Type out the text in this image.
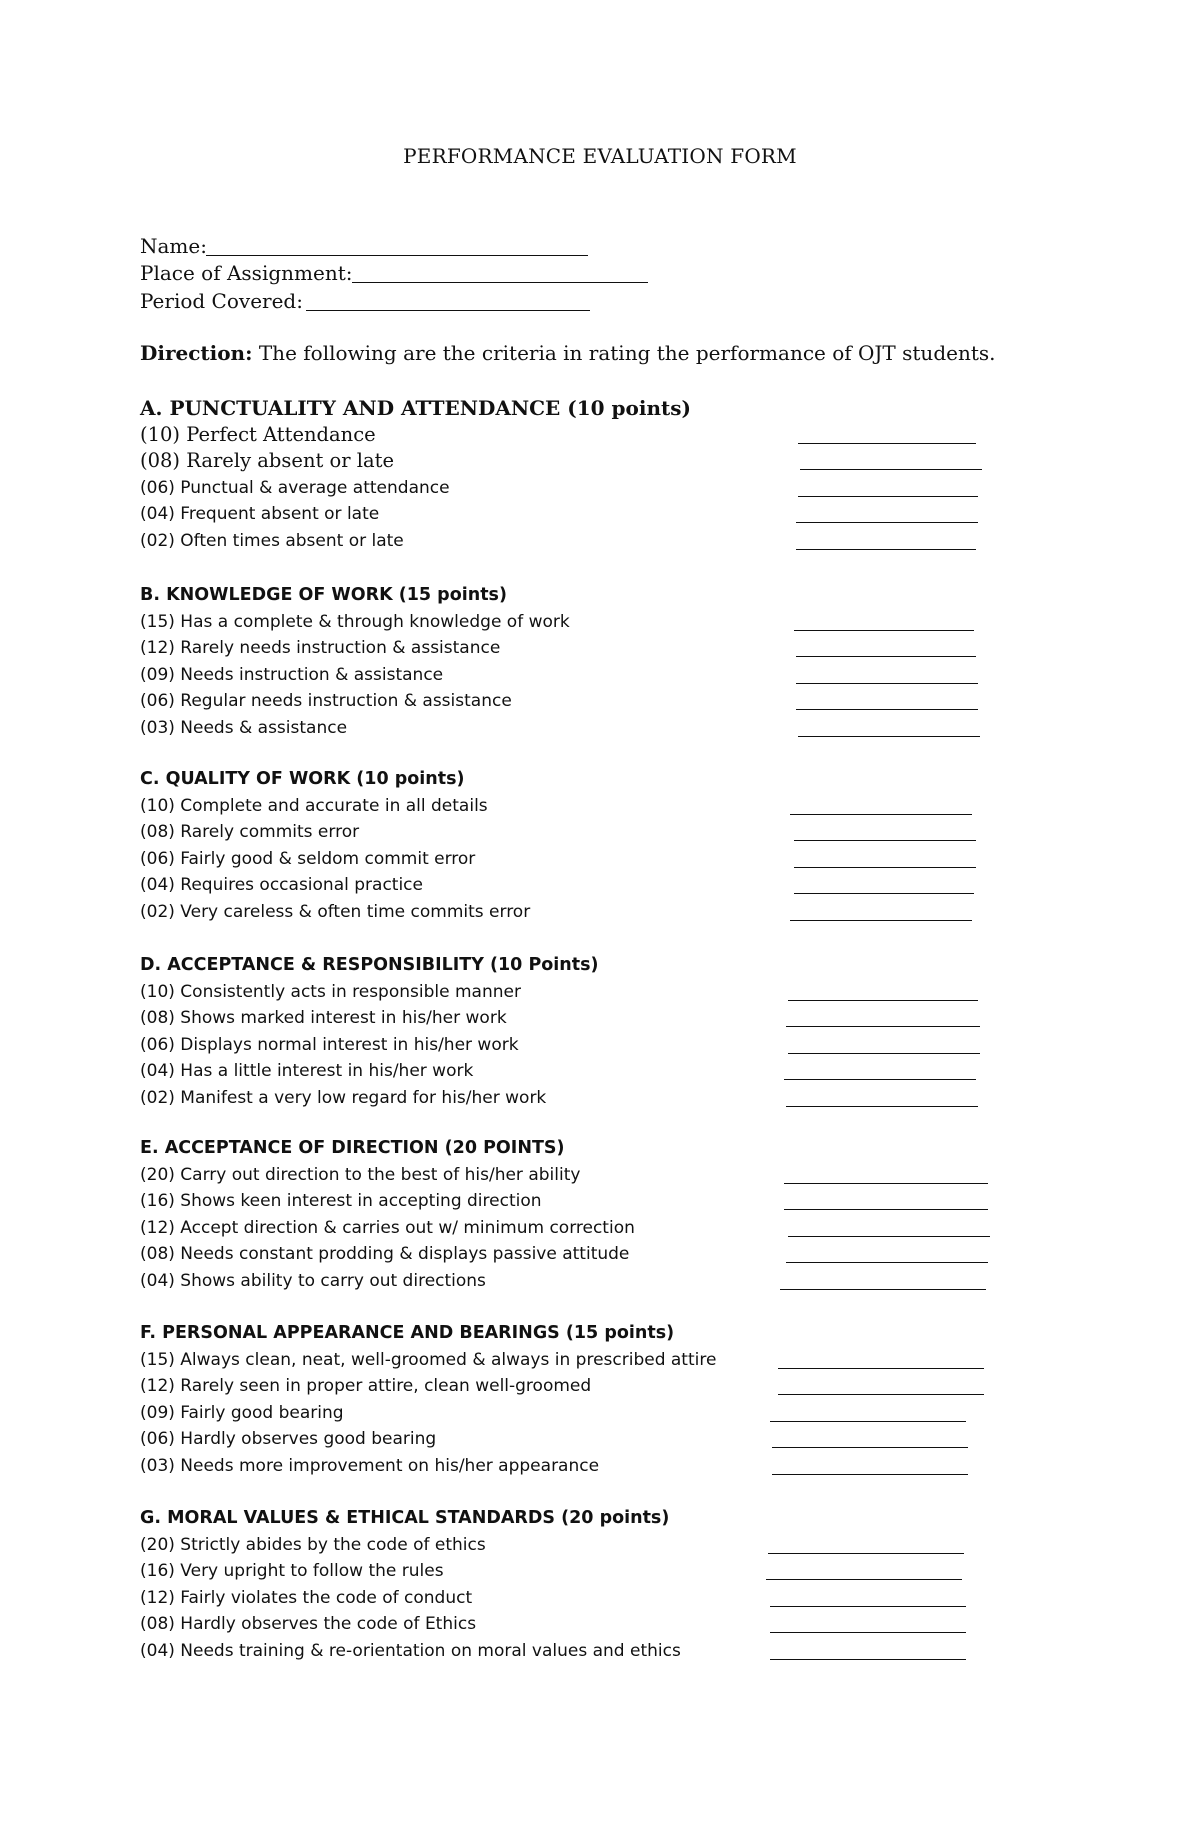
PERFORMANCE EVALUATION FORM
Name:
Place of Assignment:
Period Covered:
Direction: The following are the criteria in rating the performance of OJT students.
A. PUNCTUALITY AND ATTENDANCE (10 points)
(10) Perfect Attendance
(08) Rarely absent or late
(06) Punctual & average attendance
(04) Frequent absent or late
(02) Often times absent or late
B. KNOWLEDGE OF WORK (15 points)
(15) Has a complete & through knowledge of work
(12) Rarely needs instruction & assistance
(09) Needs instruction & assistance
(06) Regular needs instruction & assistance
(03) Needs & assistance
C. QUALITY OF WORK (10 points)
(10) Complete and accurate in all details
(08) Rarely commits error
(06) Fairly good & seldom commit error
(04) Requires occasional practice
(02) Very careless & often time commits error
D. ACCEPTANCE & RESPONSIBILITY (10 Points)
(10) Consistently acts in responsible manner
(08) Shows marked interest in his/her work
(06) Displays normal interest in his/her work
(04) Has a little interest in his/her work
(02) Manifest a very low regard for his/her work
E. ACCEPTANCE OF DIRECTION (20 POINTS)
(20) Carry out direction to the best of his/her ability
(16) Shows keen interest in accepting direction
(12) Accept direction & carries out w/ minimum correction
(08) Needs constant prodding & displays passive attitude
(04) Shows ability to carry out directions
F. PERSONAL APPEARANCE AND BEARINGS (15 points)
(15) Always clean, neat, well-groomed & always in prescribed attire
(12) Rarely seen in proper attire, clean well-groomed
(09) Fairly good bearing
(06) Hardly observes good bearing
(03) Needs more improvement on his/her appearance
G. MORAL VALUES & ETHICAL STANDARDS (20 points)
(20) Strictly abides by the code of ethics
(16) Very upright to follow the rules
(12) Fairly violates the code of conduct
(08) Hardly observes the code of Ethics
(04) Needs training & re-orientation on moral values and ethics
